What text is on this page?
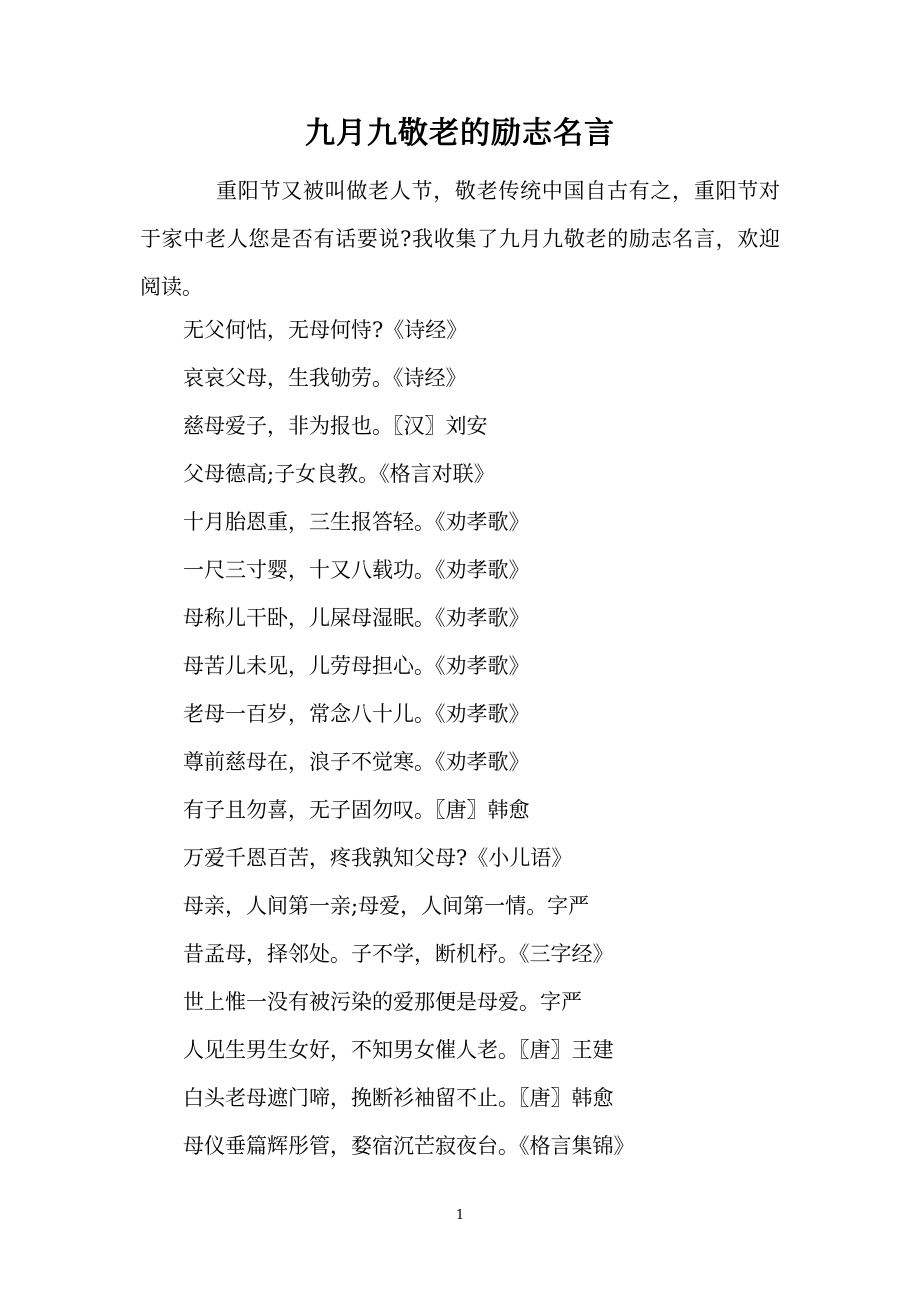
九月九敬老的励志名言

重阳节又被叫做老人节，敬老传统中国自古有之，重阳节对于家中老人您是否有话要说?我收集了九月九敬老的励志名言，欢迎阅读。

无父何怙，无母何恃?《诗经》
哀哀父母，生我劬劳。《诗经》
慈母爱子，非为报也。〖汉〗刘安
父母德高;子女良教。《格言对联》
十月胎恩重，三生报答轻。《劝孝歌》
一尺三寸婴，十又八载功。《劝孝歌》
母称儿干卧，儿屎母湿眠。《劝孝歌》
母苦儿未见，儿劳母担心。《劝孝歌》
老母一百岁，常念八十儿。《劝孝歌》
尊前慈母在，浪子不觉寒。《劝孝歌》
有子且勿喜，无子固勿叹。〖唐〗韩愈
万爱千恩百苦，疼我孰知父母?《小儿语》
母亲，人间第一亲;母爱，人间第一情。字严
昔孟母，择邻处。子不学，断机杼。《三字经》
世上惟一没有被污染的爱那便是母爱。字严
人见生男生女好，不知男女催人老。〖唐〗王建
白头老母遮门啼，挽断衫袖留不止。〖唐〗韩愈
母仪垂篇辉彤管，婺宿沉芒寂夜台。《格言集锦》
1
